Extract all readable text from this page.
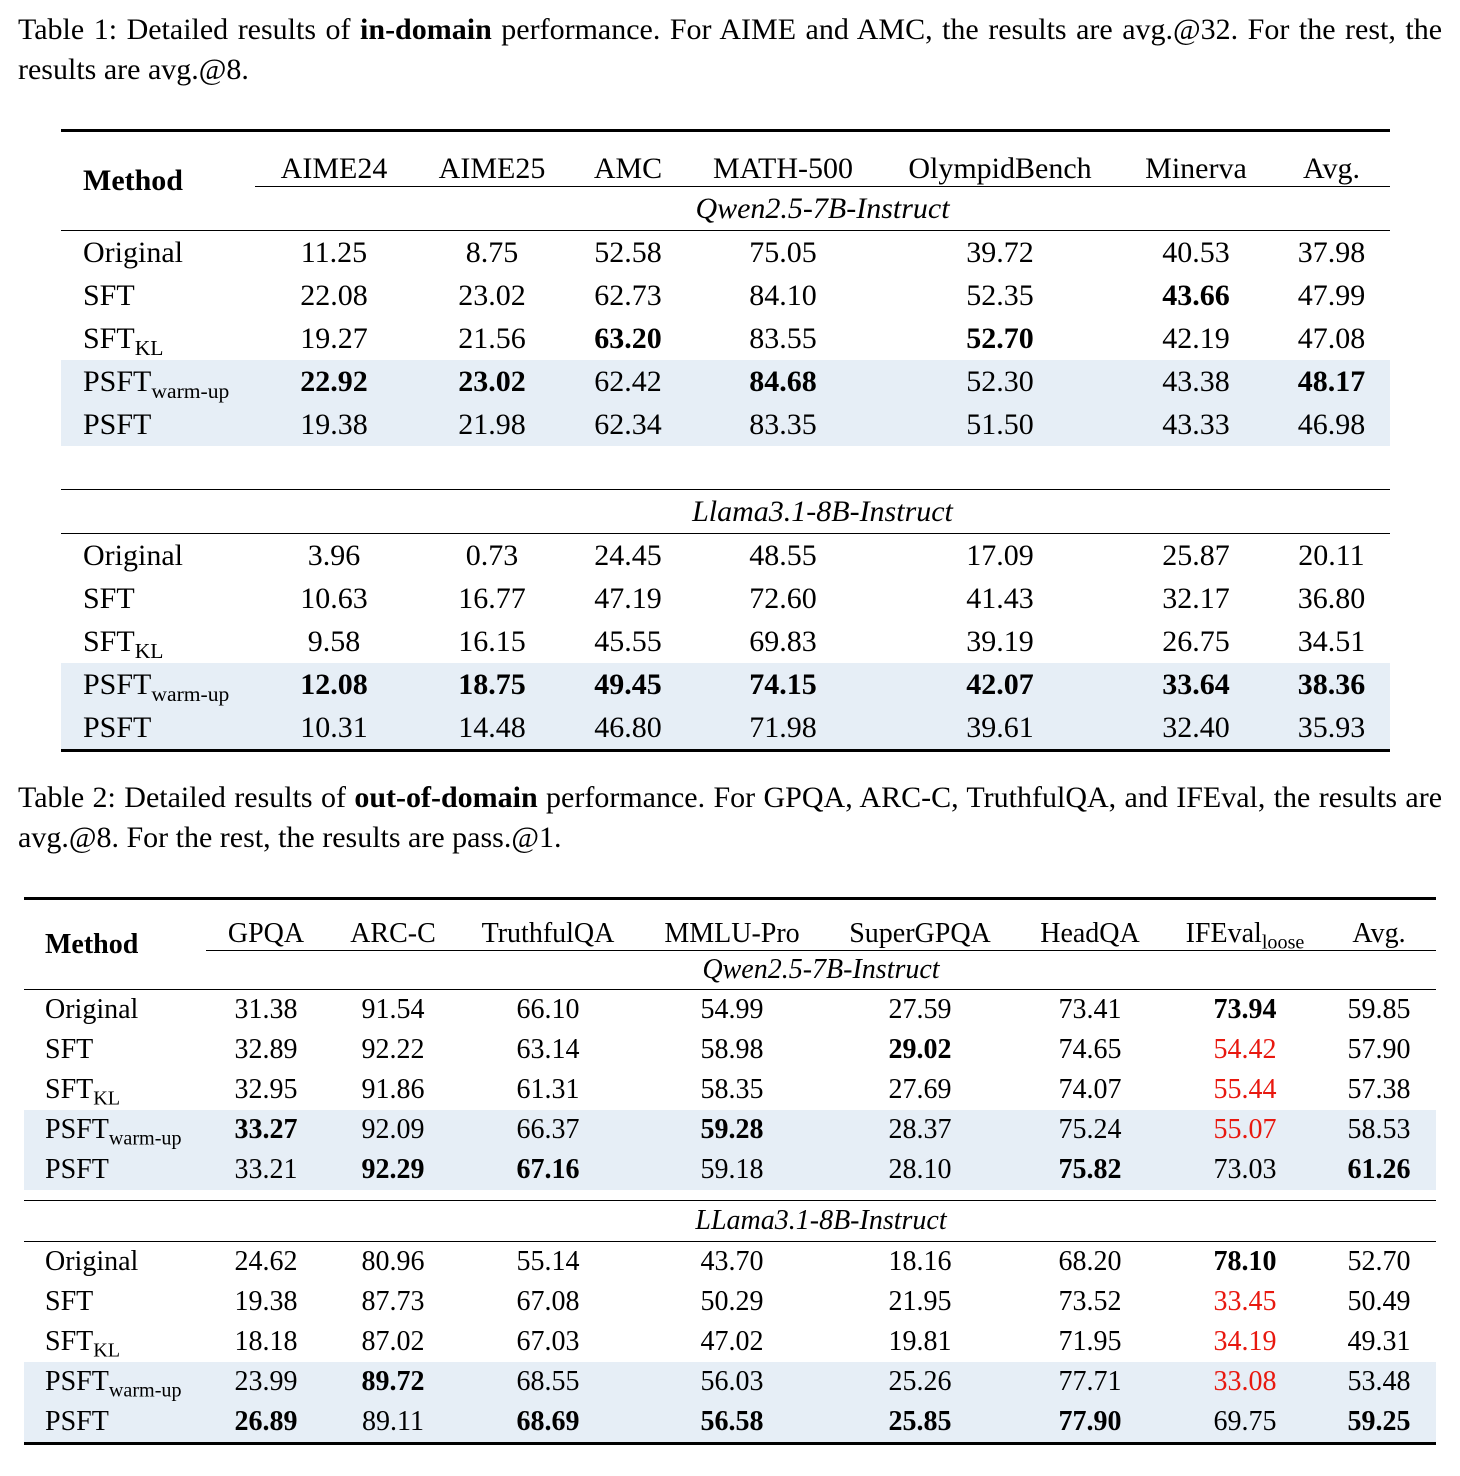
Table 1: Detailed results of in-domain performance. For AIME and AMC, the results are avg.@32. For the rest, the results are avg.@8.
Method	AIME24	AIME25	AMC	MATH-500	OlympidBench	Minerva	Avg.
	Qwen2.5-7B-Instruct						
Original	11.25	8.75	52.58	75.05	39.72	40.53	37.98
SFT	22.08	23.02	62.73	84.10	52.35	43.66	47.99
$SFT_{KL}$	19.27	21.56	63.20	83.55	52.70	42.19	47.08
$PSFT_{warm-up}$	22.92	23.02	62.42	84.68	52.30	43.38	48.17
PSFT	19.38	21.98	62.34	83.35	51.50	43.33	46.98

	Llama3.1-8B-Instruct						
Original	3.96	0.73	24.45	48.55	17.09	25.87	20.11
SFT	10.63	16.77	47.19	72.60	41.43	32.17	36.80
$SFT_{KL}$	9.58	16.15	45.55	69.83	39.19	26.75	34.51
$PSFT_{warm-up}$	12.08	18.75	49.45	74.15	42.07	33.64	38.36
PSFT	10.31	14.48	46.80	71.98	39.61	32.40	35.93
Table 2: Detailed results of out-of-domain performance. For GPQA, ARC-C, TruthfulQA, and IFEval, the results are avg.@8. For the rest, the results are pass.@1.
Method	GPQA	ARC-C	TruthfulQA	MMLU-Pro	SuperGPQA	HeadQA	IFEval$_{loose}$	Avg.
	Qwen2.5-7B-Instruct							
Original	31.38	91.54	66.10	54.99	27.59	73.41	73.94	59.85
SFT	32.89	92.22	63.14	58.98	29.02	74.65	54.42	57.90
$SFT_{KL}$	32.95	91.86	61.31	58.35	27.69	74.07	55.44	57.38
$PSFT_{warm-up}$	33.27	92.09	66.37	59.28	28.37	75.24	55.07	58.53
PSFT	33.21	92.29	67.16	59.18	28.10	75.82	73.03	61.26

	LLama3.1-8B-Instruct							
Original	24.62	80.96	55.14	43.70	18.16	68.20	78.10	52.70
SFT	19.38	87.73	67.08	50.29	21.95	73.52	33.45	50.49
$SFT_{KL}$	18.18	87.02	67.03	47.02	19.81	71.95	34.19	49.31
$PSFT_{warm-up}$	23.99	89.72	68.55	56.03	25.26	77.71	33.08	53.48
PSFT	26.89	89.11	68.69	56.58	25.85	77.90	69.75	59.25
